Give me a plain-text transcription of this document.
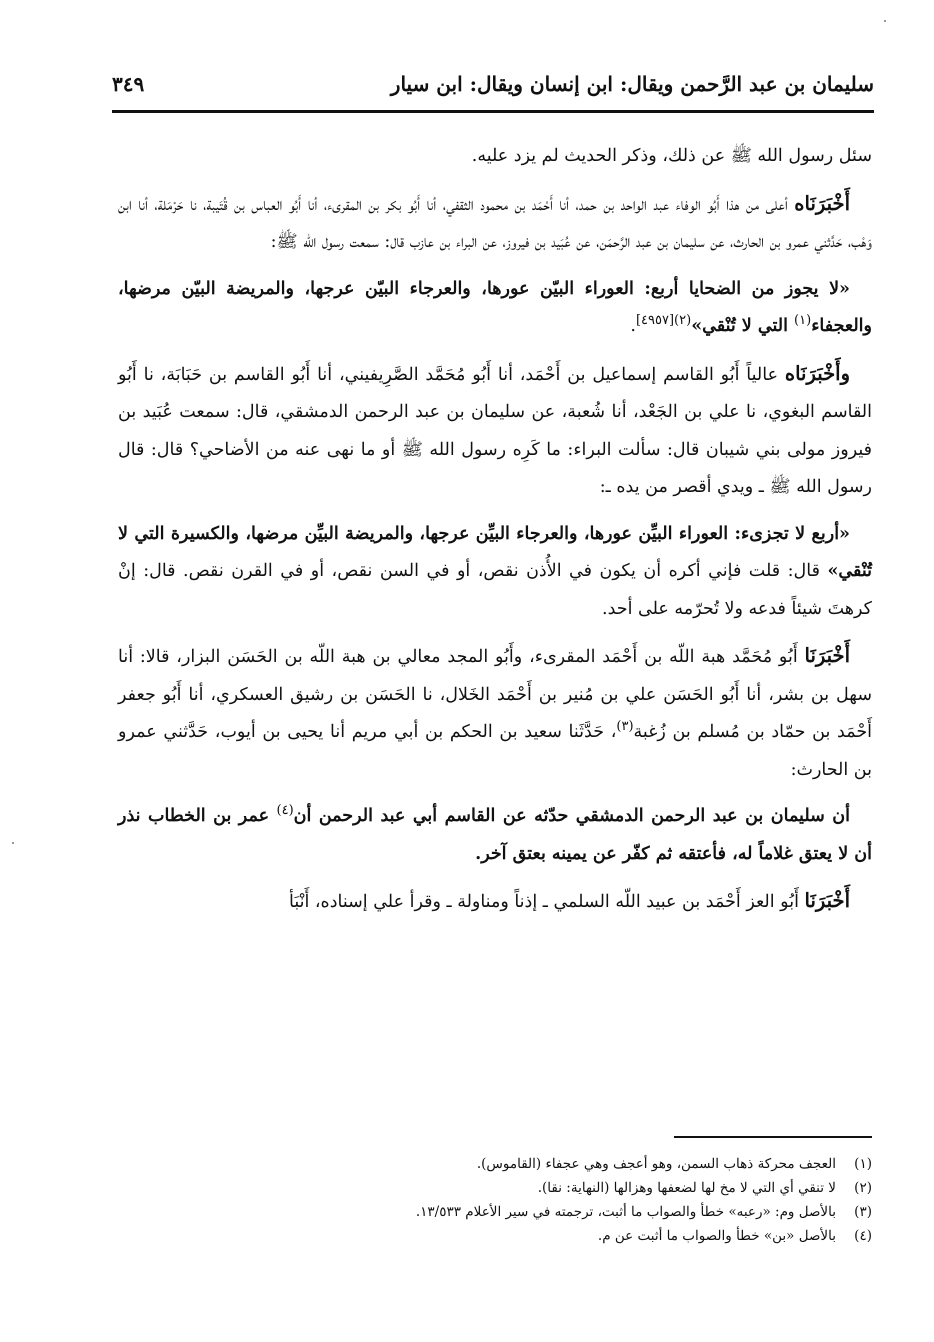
سليمان بن عبد الرَّحمن ويقال: ابن إنسان ويقال: ابن سيار
٣٤٩

سئل رسول الله ﷺ عن ذلك، وذكر الحديث لم يزد عليه.

أَخْبَرَنَاه أعلى من هذا أَبُو الوفاء عبد الواحد بن حمد، أنا أَحْمَد بن محمود الثقفي، أنا أَبُو بكر بن المقرىء، أنا أَبُو العباس بن قُتَيبة، نا حَرْمَلة، أنا ابن وَهْب، حَدَّثني عمرو بن الحارث، عن سليمان بن عبد الرَّحمَن، عن عُبَيد بن فيروز، عن البراء بن عازب قال: سمعت رسول الله ﷺ:

«لا يجوز من الضحايا أربع: العوراء البيّن عورها، والعرجاء البيّن عرجها، والمريضة البيّن مرضها، والعجفاء$^{(١)}$ التي لا تُنْقي»$^{(٢)[٤٩٥٧]}$.

وأَخْبَرَنَاه عالياً أَبُو القاسم إسماعيل بن أَحْمَد، أنا أَبُو مُحَمَّد الصَّرِيفيني، أنا أَبُو القاسم بن حَبَابَة، نا أَبُو القاسم البغوي، نا علي بن الجَعْد، أنا شُعبة، عن سليمان بن عبد الرحمن الدمشقي، قال: سمعت عُبَيد بن فيروز مولى بني شيبان قال: سألت البراء: ما كَرِه رسول الله ﷺ أو ما نهى عنه من الأضاحي؟ قال: قال رسول الله ﷺ ـ ويدي أقصر من يده ـ:

«أربع لا تجزىء: العوراء البيِّن عورها، والعرجاء البيِّن عرجها، والمريضة البيِّن مرضها، والكسيرة التي لا تُنْقي» قال: قلت فإني أكره أن يكون في الأُذن نقص، أو في السن نقص، أو في القرن نقص. قال: إنْ كرهتَ شيئاً فدعه ولا تُحرّمه على أحد.

أَخْبَرَنَا أَبُو مُحَمَّد هبة اللّه بن أَحْمَد المقرىء، وأَبُو المجد معالي بن هبة اللّه بن الحَسَن البزار، قالا: أنا سهل بن بشر، أنا أَبُو الحَسَن علي بن مُنير بن أَحْمَد الخَلال، نا الحَسَن بن رشيق العسكري، أنا أَبُو جعفر أَحْمَد بن حمّاد بن مُسلم بن زُغبة$^{(٣)}$، حَدَّثَنا سعيد بن الحكم بن أبي مريم أنا يحيى بن أيوب، حَدَّثني عمرو بن الحارث:

أن سليمان بن عبد الرحمن الدمشقي حدّثه عن القاسم أبي عبد الرحمن أن$^{(٤)}$ عمر بن الخطاب نذر أن لا يعتق غلاماً له، فأعتقه ثم كفّر عن يمينه بعتق آخر.

أَخْبَرَنَا أَبُو العز أَحْمَد بن عبيد اللّه السلمي ـ إذناً ومناولة ـ وقرأ علي إسناده، أَنْبَأ

(١)
العجف محركة ذهاب السمن، وهو أعجف وهي عجفاء (القاموس).
(٢)
لا تنقي أي التي لا مخ لها لضعفها وهزالها (النهاية: نقا).
(٣)
بالأصل وم: «رعبه» خطأ والصواب ما أثبت، ترجمته في سير الأعلام ١٣/٥٣٣.
(٤)
بالأصل «بن» خطأ والصواب ما أثبت عن م.
